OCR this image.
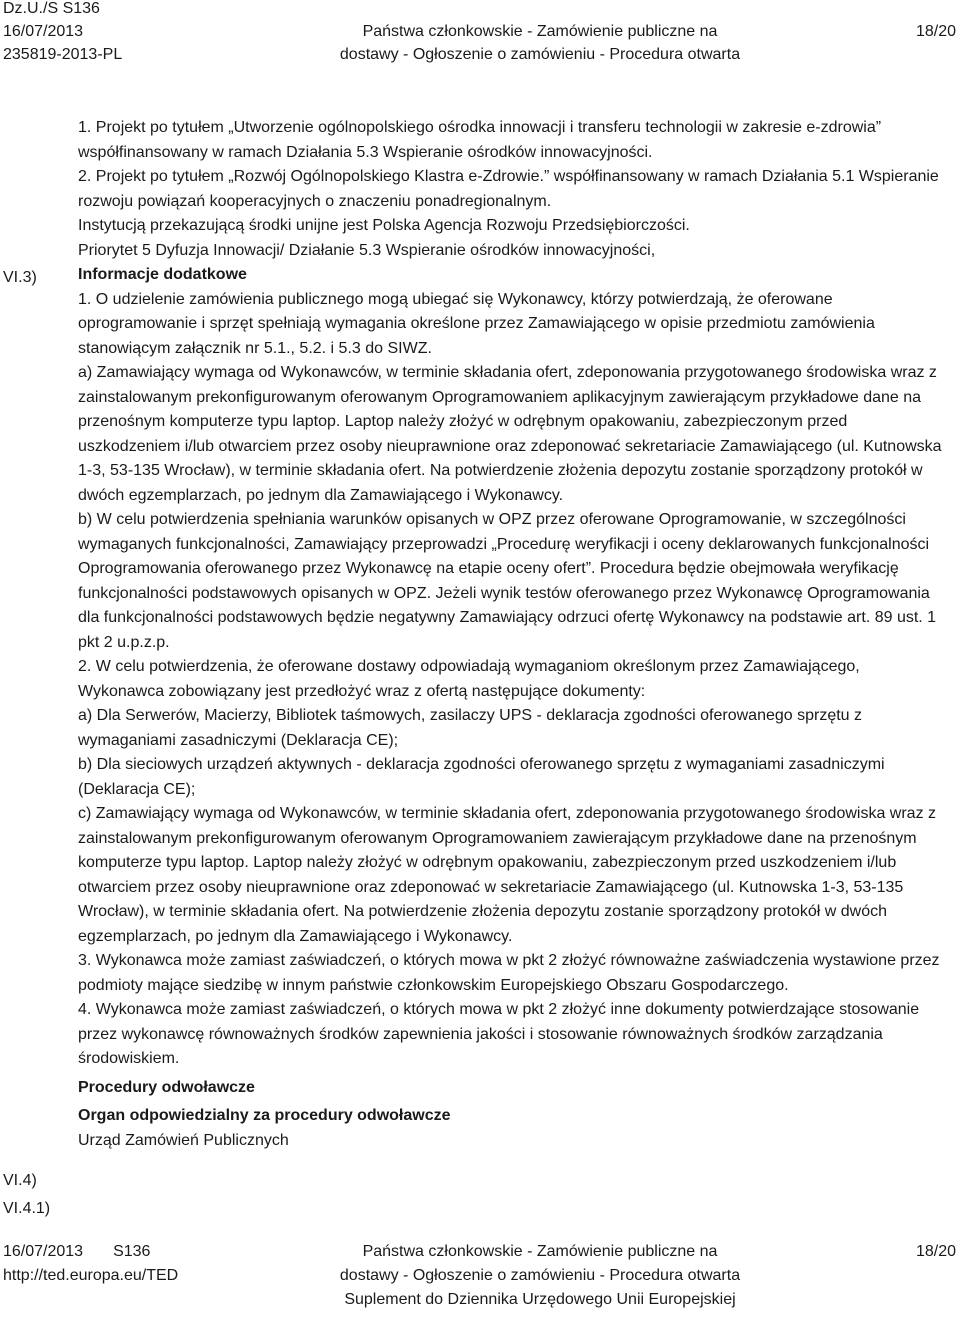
Dz.U./S S136
16/07/2013
235819-2013-PL
Państwa członkowskie - Zamówienie publiczne na
dostawy - Ogłoszenie o zamówieniu - Procedura otwarta
18/20
VI.3)
VI.4)
VI.4.1)

1. Projekt po tytułem „Utworzenie ogólnopolskiego ośrodka innowacji i transferu technologii w zakresie e-zdrowia” współfinansowany w ramach Działania 5.3 Wspieranie ośrodków innowacyjności.

2. Projekt po tytułem „Rozwój Ogólnopolskiego Klastra e-Zdrowie.” współfinansowany w ramach Działania 5.1 Wspieranie rozwoju powiązań kooperacyjnych o znaczeniu ponadregionalnym.

Instytucją przekazującą środki unijne jest Polska Agencja Rozwoju Przedsiębiorczości.

Priorytet 5 Dyfuzja Innowacji/ Działanie 5.3 Wspieranie ośrodków innowacyjności,

Informacje dodatkowe

1. O udzielenie zamówienia publicznego mogą ubiegać się Wykonawcy, którzy potwierdzają, że oferowane oprogramowanie i sprzęt spełniają wymagania określone przez Zamawiającego w opisie przedmiotu zamówienia stanowiącym załącznik nr 5.1., 5.2. i 5.3 do SIWZ.

a) Zamawiający wymaga od Wykonawców, w terminie składania ofert, zdeponowania przygotowanego środowiska wraz z zainstalowanym prekonfigurowanym oferowanym Oprogramowaniem aplikacyjnym zawierającym przykładowe dane na przenośnym komputerze typu laptop. Laptop należy złożyć w odrębnym opakowaniu, zabezpieczonym przed uszkodzeniem i/lub otwarciem przez osoby nieuprawnione oraz zdeponować sekretariacie Zamawiającego (ul. Kutnowska 1-3, 53-135 Wrocław), w terminie składania ofert. Na potwierdzenie złożenia depozytu zostanie sporządzony protokół w dwóch egzemplarzach, po jednym dla Zamawiającego i Wykonawcy.

b) W celu potwierdzenia spełniania warunków opisanych w OPZ przez oferowane Oprogramowanie, w szczególności wymaganych funkcjonalności, Zamawiający przeprowadzi „Procedurę weryfikacji i oceny deklarowanych funkcjonalności Oprogramowania oferowanego przez Wykonawcę na etapie oceny ofert”. Procedura będzie obejmowała weryfikację funkcjonalności podstawowych opisanych w OPZ. Jeżeli wynik testów oferowanego przez Wykonawcę Oprogramowania dla funkcjonalności podstawowych będzie negatywny Zamawiający odrzuci ofertę Wykonawcy na podstawie art. 89 ust. 1 pkt 2 u.p.z.p.

2. W celu potwierdzenia, że oferowane dostawy odpowiadają wymaganiom określonym przez Zamawiającego, Wykonawca zobowiązany jest przedłożyć wraz z ofertą następujące dokumenty:

a) Dla Serwerów, Macierzy, Bibliotek taśmowych, zasilaczy UPS - deklaracja zgodności oferowanego sprzętu z wymaganiami zasadniczymi (Deklaracja CE);

b) Dla sieciowych urządzeń aktywnych - deklaracja zgodności oferowanego sprzętu z wymaganiami zasadniczymi (Deklaracja CE);

c) Zamawiający wymaga od Wykonawców, w terminie składania ofert, zdeponowania przygotowanego środowiska wraz z zainstalowanym prekonfigurowanym oferowanym Oprogramowaniem zawierającym przykładowe dane na przenośnym komputerze typu laptop. Laptop należy złożyć w odrębnym opakowaniu, zabezpieczonym przed uszkodzeniem i/lub otwarciem przez osoby nieuprawnione oraz zdeponować w sekretariacie Zamawiającego (ul. Kutnowska 1-3, 53-135 Wrocław), w terminie składania ofert. Na potwierdzenie złożenia depozytu zostanie sporządzony protokół w dwóch egzemplarzach, po jednym dla Zamawiającego i Wykonawcy.

3. Wykonawca może zamiast zaświadczeń, o których mowa w pkt 2 złożyć równoważne zaświadczenia wystawione przez podmioty mające siedzibę w innym państwie członkowskim Europejskiego Obszaru Gospodarczego.

4. Wykonawca może zamiast zaświadczeń, o których mowa w pkt 2 złożyć inne dokumenty potwierdzające stosowanie przez wykonawcę równoważnych środków zapewnienia jakości i stosowanie równoważnych środków zarządzania środowiskiem.

Procedury odwoławcze

Organ odpowiedzialny za procedury odwoławcze

Urząd Zamówień Publicznych

16/07/2013 S136
http://ted.europa.eu/TED
Państwa członkowskie - Zamówienie publiczne na
dostawy - Ogłoszenie o zamówieniu - Procedura otwarta
Suplement do Dziennika Urzędowego Unii Europejskiej
18/20
